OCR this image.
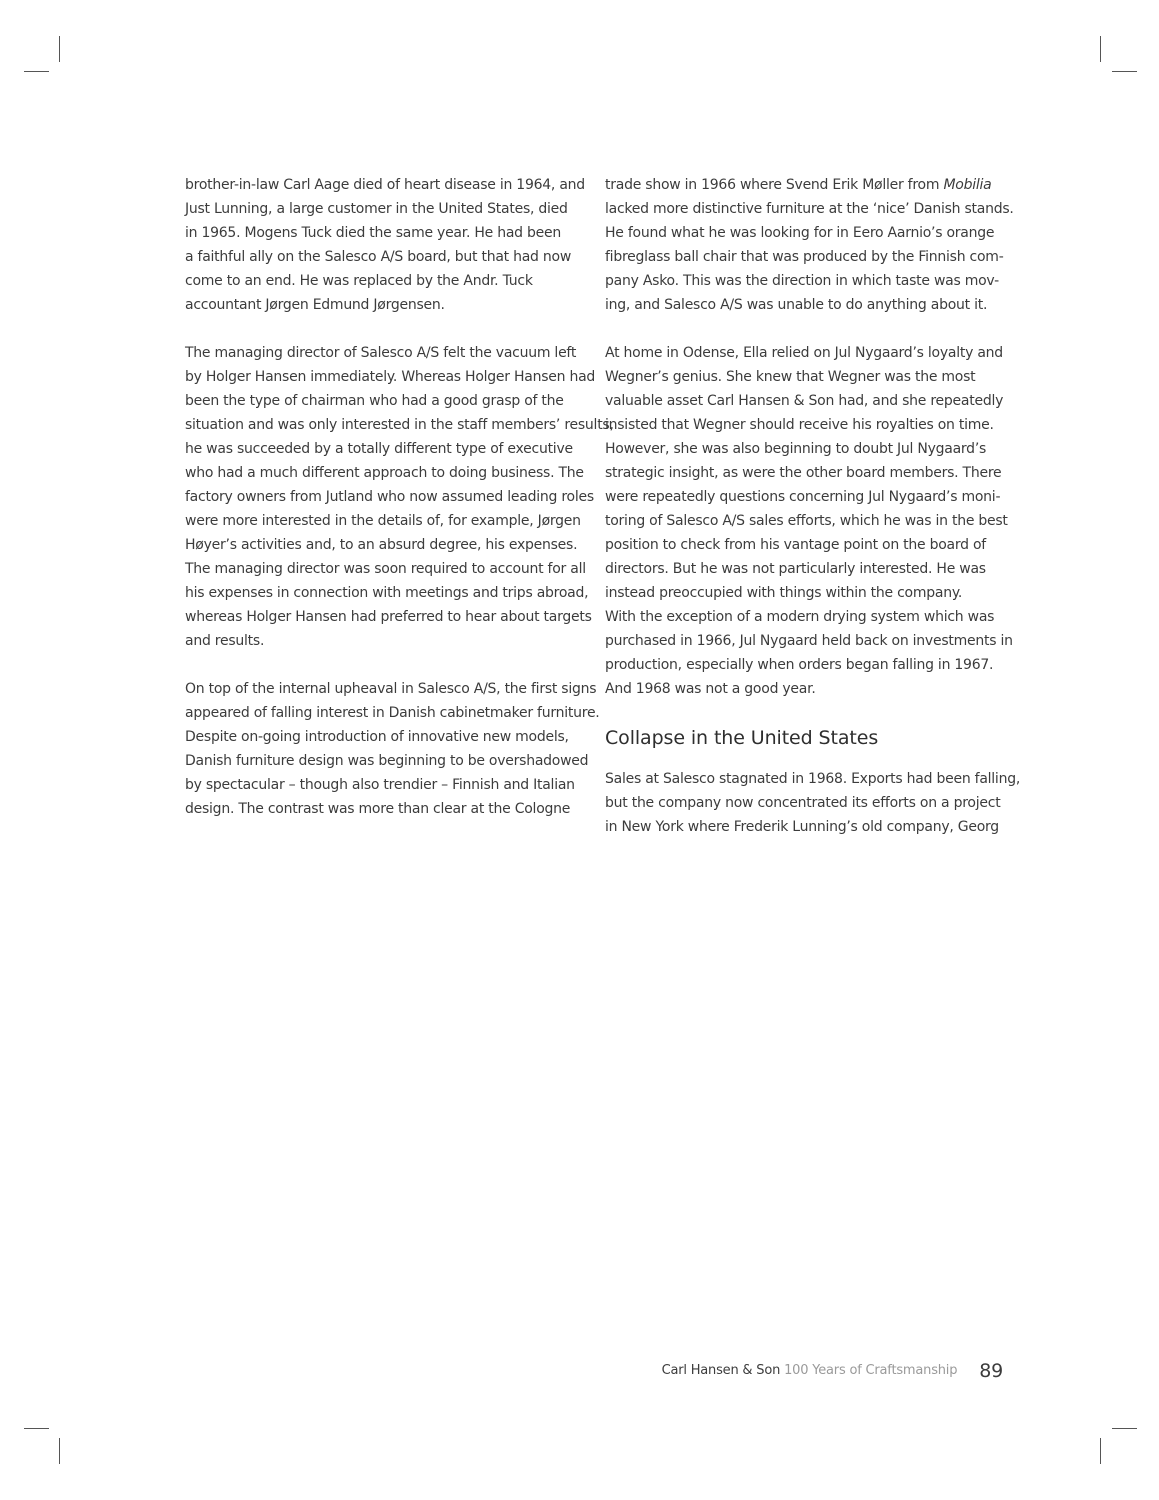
brother-in-law Carl Aage died of heart disease in 1964, and
Just Lunning, a large customer in the United States, died
in 1965. Mogens Tuck died the same year. He had been
a faithful ally on the Salesco A/S board, but that had now
come to an end. He was replaced by the Andr. Tuck
accountant Jørgen Edmund Jørgensen.

The managing director of Salesco A/S felt the vacuum left
by Holger Hansen immediately. Whereas Holger Hansen had
been the type of chairman who had a good grasp of the
situation and was only interested in the staff members’ results,
he was succeeded by a totally different type of executive
who had a much different approach to doing business. The
factory owners from Jutland who now assumed leading roles
were more interested in the details of, for example, Jørgen
Høyer’s activities and, to an absurd degree, his expenses.
The managing director was soon required to account for all
his expenses in connection with meetings and trips abroad,
whereas Holger Hansen had preferred to hear about targets
and results.

On top of the internal upheaval in Salesco A/S, the first signs
appeared of falling interest in Danish cabinetmaker furniture.
Despite on-going introduction of innovative new models,
Danish furniture design was beginning to be overshadowed
by spectacular – though also trendier – Finnish and Italian
design. The contrast was more than clear at the Cologne

trade show in 1966 where Svend Erik Møller from Mobilia
lacked more distinctive furniture at the ‘nice’ Danish stands.
He found what he was looking for in Eero Aarnio’s orange
fibreglass ball chair that was produced by the Finnish com-
pany Asko. This was the direction in which taste was mov-
ing, and Salesco A/S was unable to do anything about it.

At home in Odense, Ella relied on Jul Nygaard’s loyalty and
Wegner’s genius. She knew that Wegner was the most
valuable asset Carl Hansen & Son had, and she repeatedly
insisted that Wegner should receive his royalties on time.
However, she was also beginning to doubt Jul Nygaard’s
strategic insight, as were the other board members. There
were repeatedly questions concerning Jul Nygaard’s moni-
toring of Salesco A/S sales efforts, which he was in the best
position to check from his vantage point on the board of
directors. But he was not particularly interested. He was
instead preoccupied with things within the company.
With the exception of a modern drying system which was
purchased in 1966, Jul Nygaard held back on investments in
production, especially when orders began falling in 1967.
And 1968 was not a good year.

Collapse in the United States

Sales at Salesco stagnated in 1968. Exports had been falling,
but the company now concentrated its efforts on a project
in New York where Frederik Lunning’s old company, Georg

Carl Hansen & Son 100 Years of Craftsmanship 89
